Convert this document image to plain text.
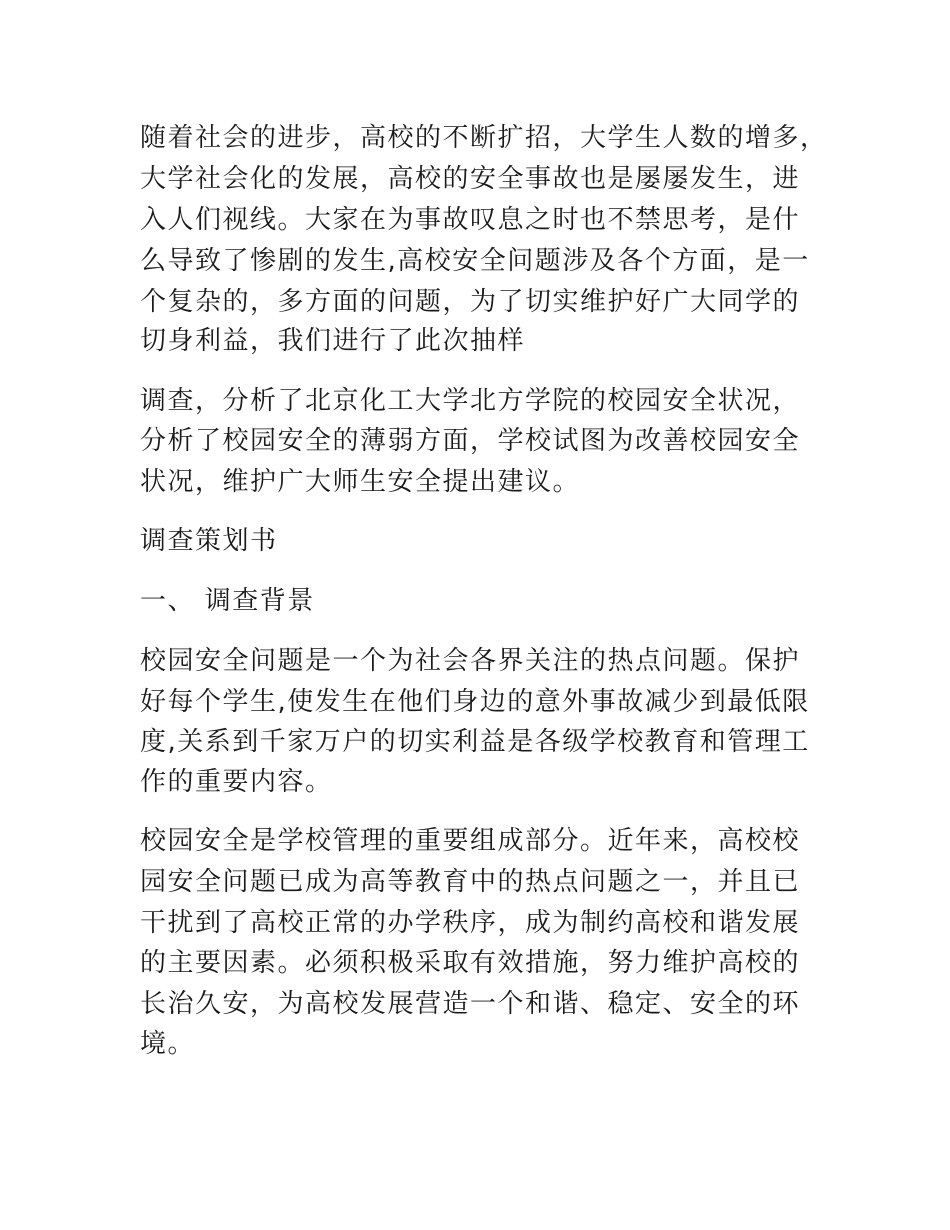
随着社会的进步，高校的不断扩招，大学生人数的增多，

大学社会化的发展，高校的安全事故也是屡屡发生，进

入人们视线。大家在为事故叹息之时也不禁思考，是什

么导致了惨剧的发生,高校安全问题涉及各个方面，是一

个复杂的，多方面的问题，为了切实维护好广大同学的

切身利益，我们进行了此次抽样

调查，分析了北京化工大学北方学院的校园安全状况，

分析了校园安全的薄弱方面，学校试图为改善校园安全

状况，维护广大师生安全提出建议。

调查策划书

一、 调查背景

校园安全问题是一个为社会各界关注的热点问题。保护

好每个学生,使发生在他们身边的意外事故减少到最低限

度,关系到千家万户的切实利益是各级学校教育和管理工

作的重要内容。

校园安全是学校管理的重要组成部分。近年来，高校校

园安全问题已成为高等教育中的热点问题之一，并且已

干扰到了高校正常的办学秩序，成为制约高校和谐发展

的主要因素。必须积极采取有效措施，努力维护高校的

长治久安，为高校发展营造一个和谐、稳定、安全的环

境。
